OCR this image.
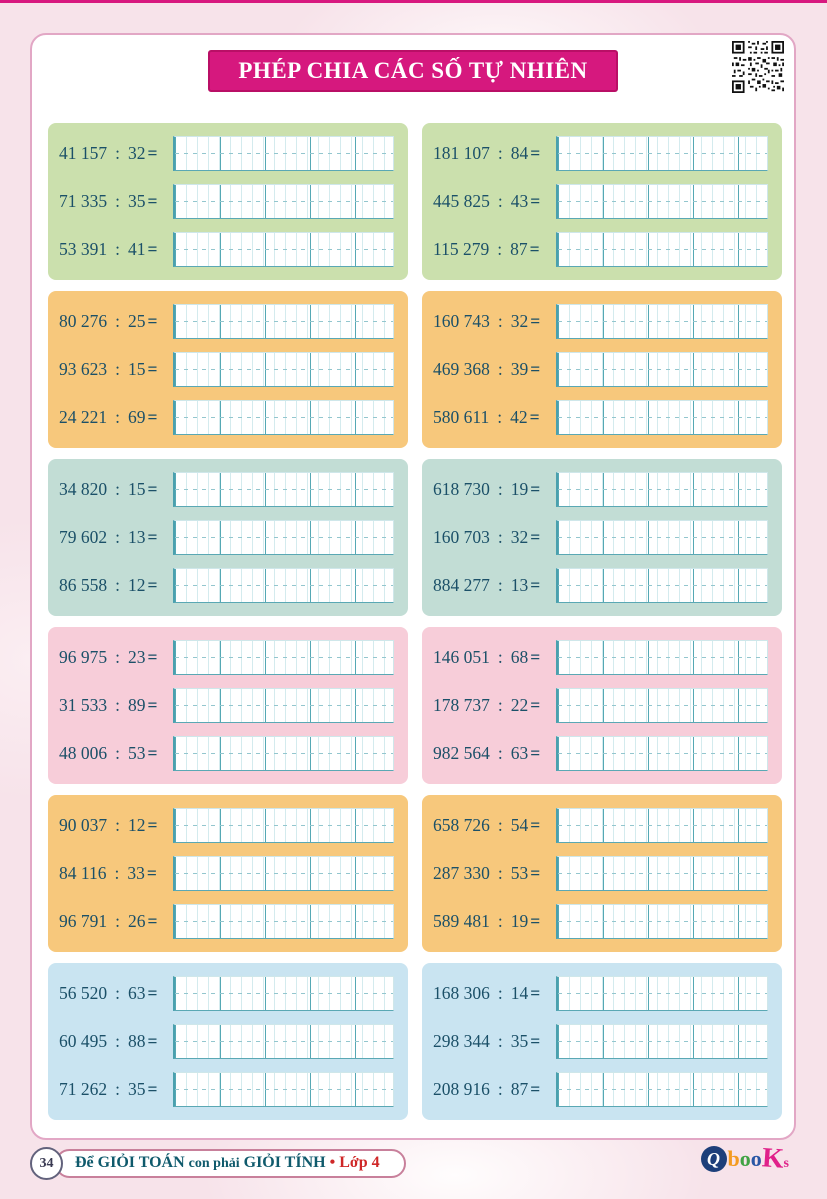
PHÉP CHIA CÁC SỐ TỰ NHIÊN
41 157 : 32 =
71 335 : 35 =
53 391 : 41 =
181 107 : 84 =
445 825 : 43 =
115 279 : 87 =
80 276 : 25 =
93 623 : 15 =
24 221 : 69 =
160 743 : 32 =
469 368 : 39 =
580 611 : 42 =
34 820 : 15 =
79 602 : 13 =
86 558 : 12 =
618 730 : 19 =
160 703 : 32 =
884 277 : 13 =
96 975 : 23 =
31 533 : 89 =
48 006 : 53 =
146 051 : 68 =
178 737 : 22 =
982 564 : 63 =
90 037 : 12 =
84 116 : 33 =
96 791 : 26 =
658 726 : 54 =
287 330 : 53 =
589 481 : 19 =
56 520 : 63 =
60 495 : 88 =
71 262 : 35 =
168 306 : 14 =
298 344 : 35 =
208 916 : 87 =
34	Để GIỎI TOÁN con phải GIỎI TÍNH • Lớp 4	Q b o o
K
s
